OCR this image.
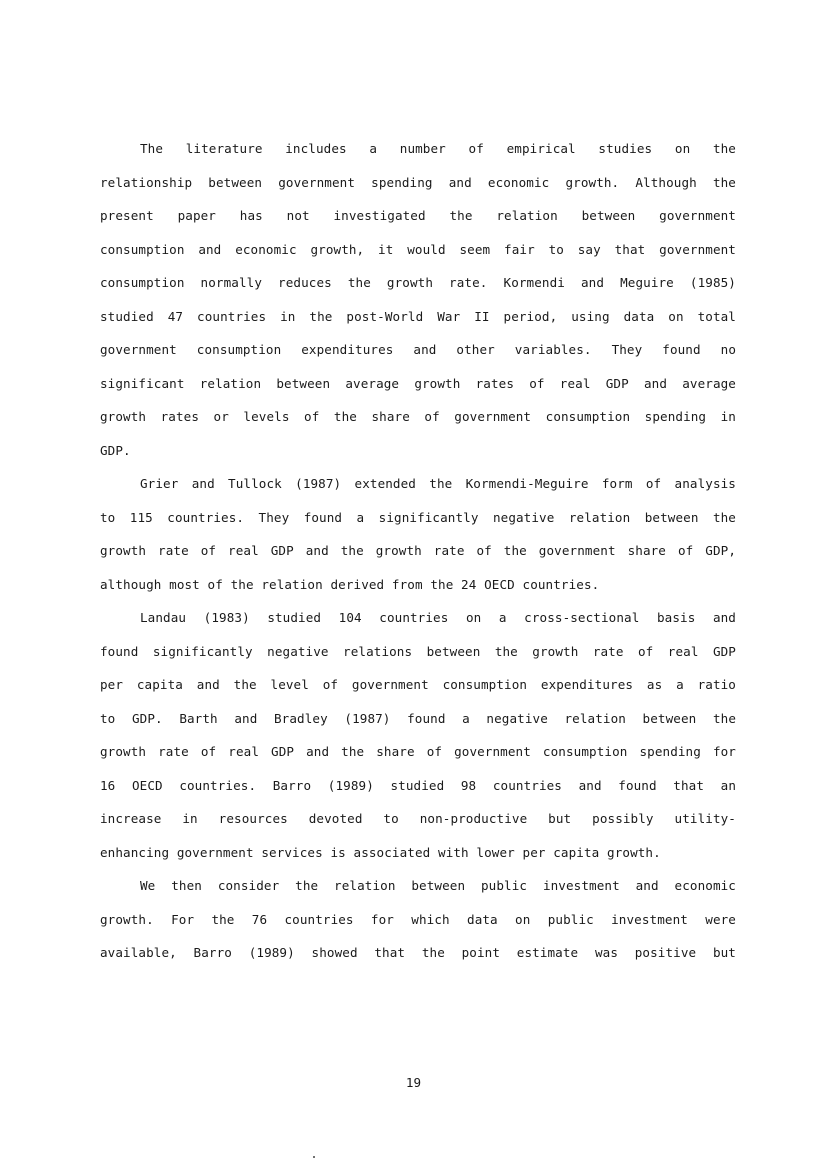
The literature includes a number of empirical studies on the
relationship between government spending and economic growth. Although the
present paper has not investigated the relation between government
consumption and economic growth, it would seem fair to say that government
consumption normally reduces the growth rate. Kormendi and Meguire (1985)
studied 47 countries in the post-World War II period, using data on total
government consumption expenditures and other variables. They found no
significant relation between average growth rates of real GDP and average
growth rates or levels of the share of government consumption spending in
GDP.
Grier and Tullock (1987) extended the Kormendi-Meguire form of analysis
to 115 countries. They found a significantly negative relation between the
growth rate of real GDP and the growth rate of the government share of GDP,
although most of the relation derived from the 24 OECD countries.
Landau (1983) studied 104 countries on a cross-sectional basis and
found significantly negative relations between the growth rate of real GDP
per capita and the level of government consumption expenditures as a ratio
to GDP. Barth and Bradley (1987) found a negative relation between the
growth rate of real GDP and the share of government consumption spending for
16 OECD countries. Barro (1989) studied 98 countries and found that an
increase in resources devoted to non-productive but possibly utility-
enhancing government services is associated with lower per capita growth.
We then consider the relation between public investment and economic
growth. For the 76 countries for which data on public investment were
available, Barro (1989) showed that the point estimate was positive but
19
